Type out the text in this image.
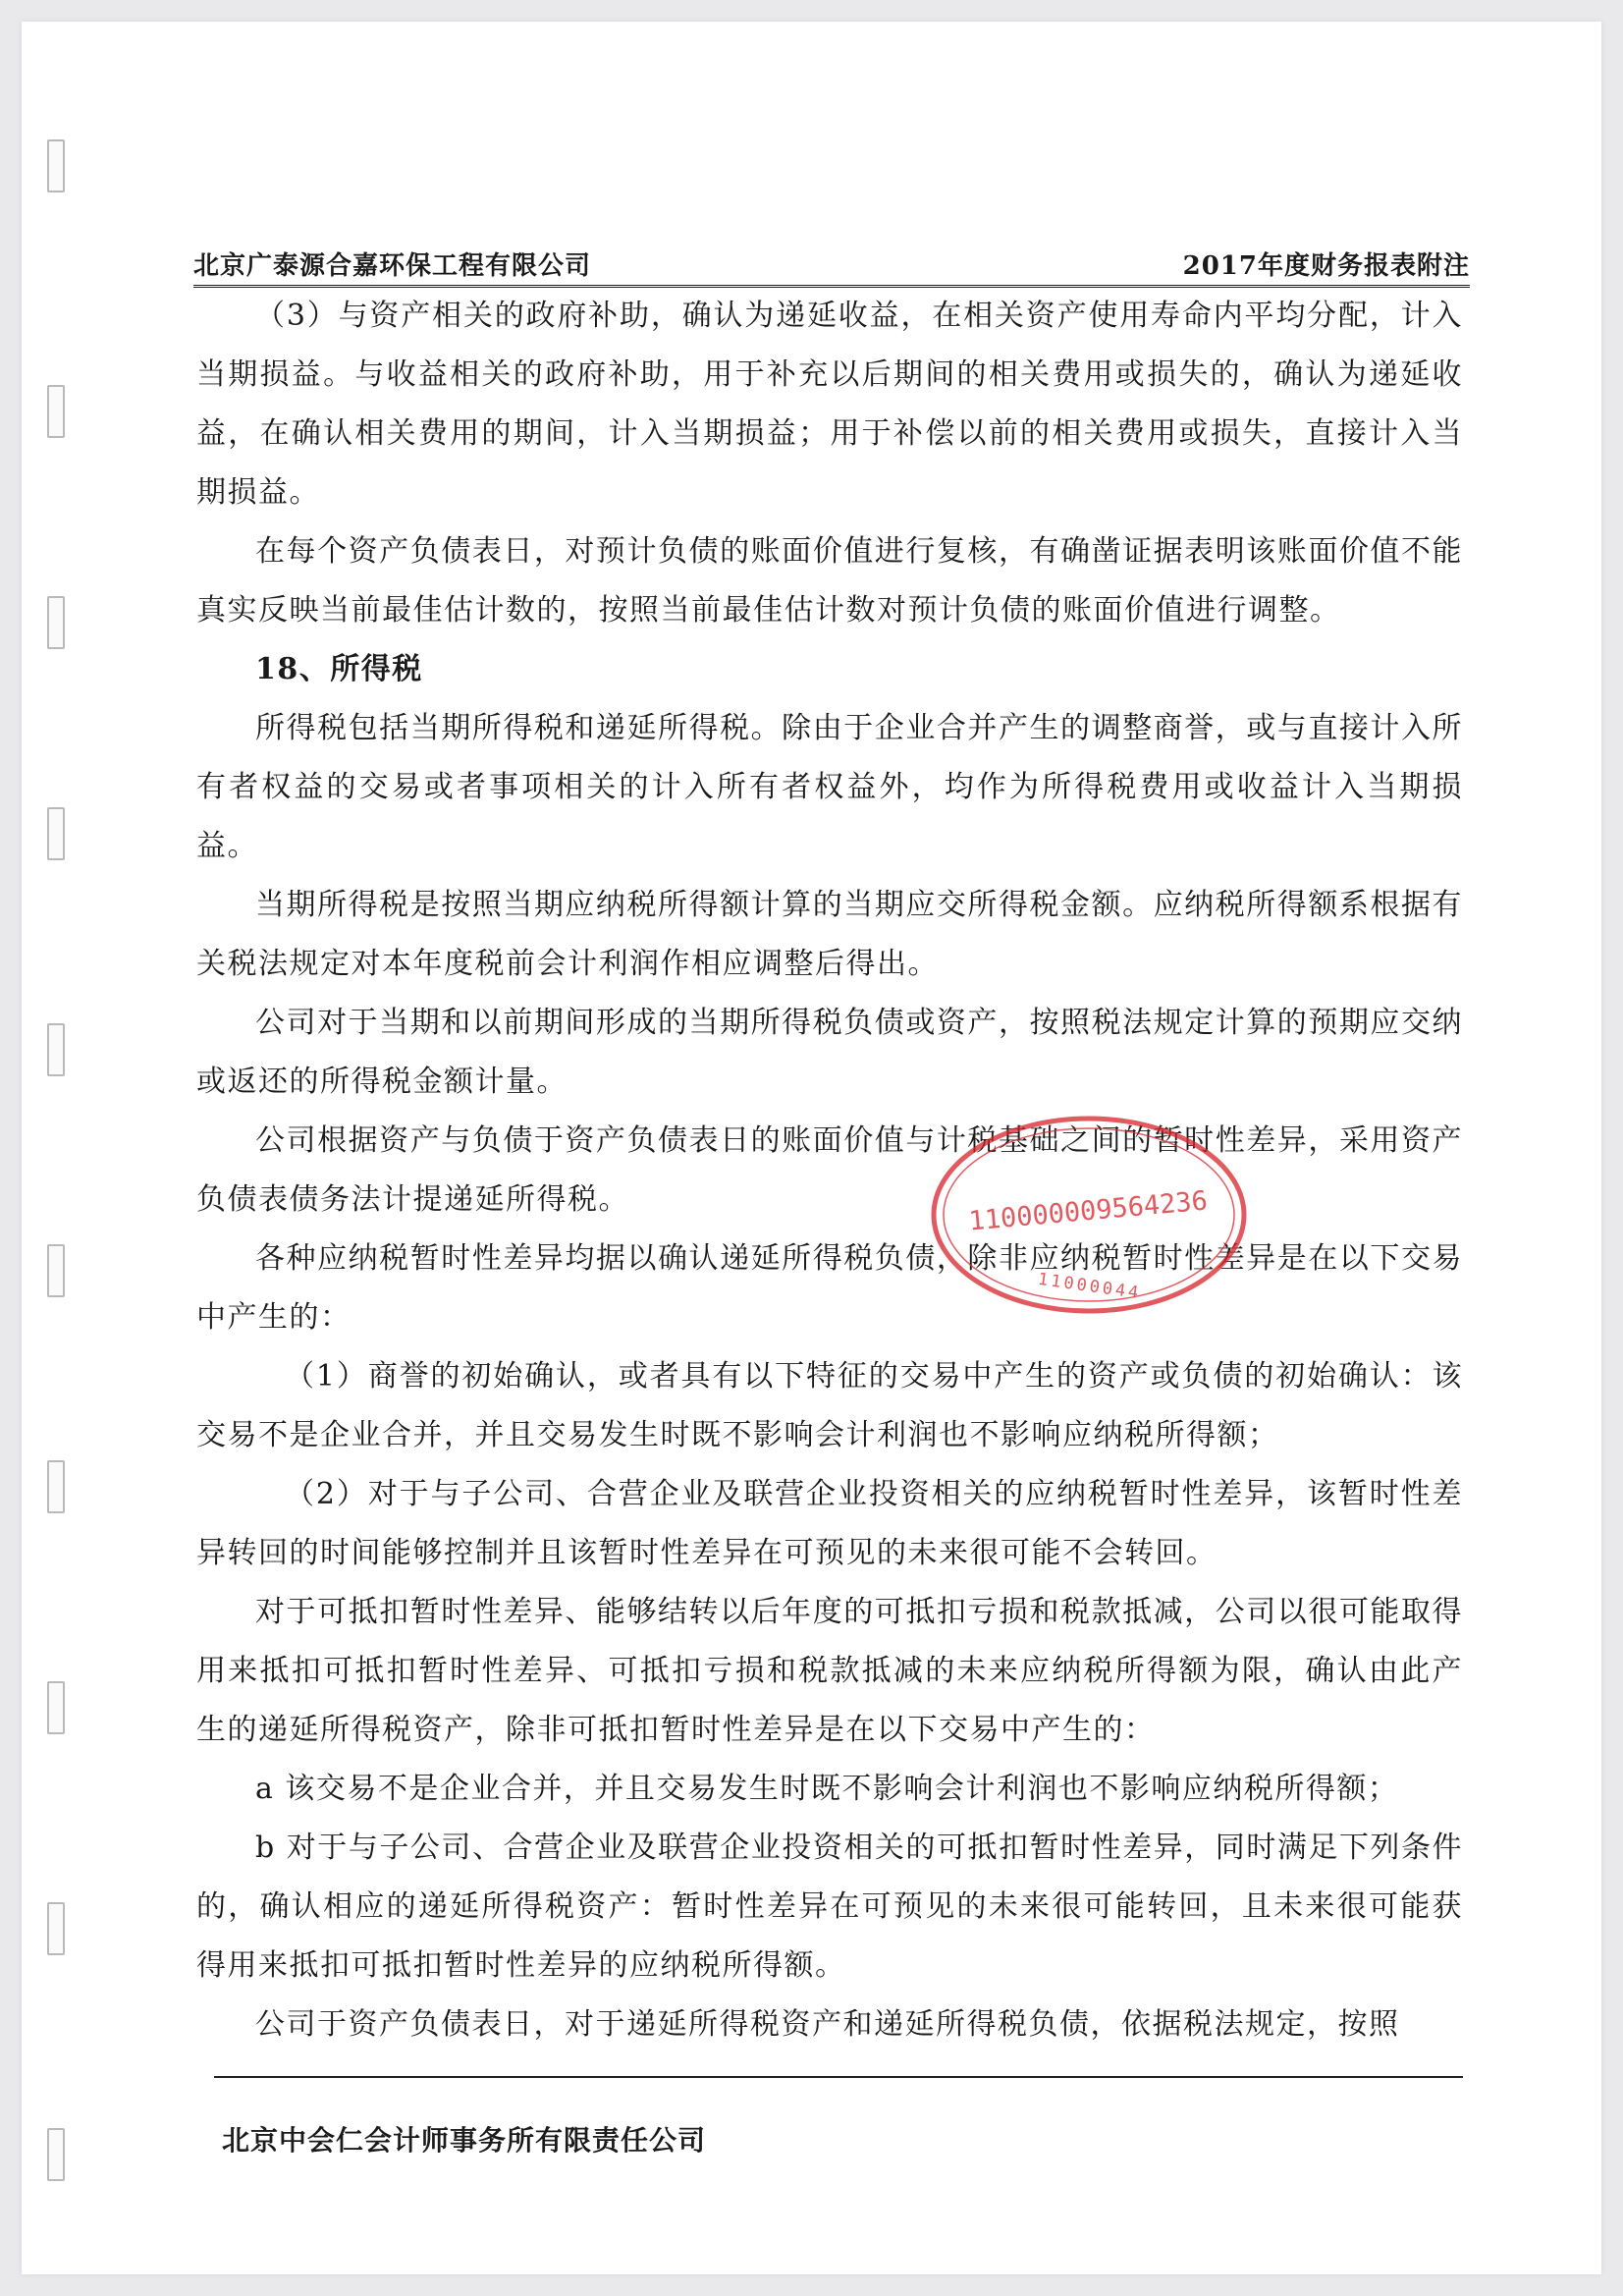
北京广泰源合嘉环保工程有限公司	2017年度财务报表附注

（3）与资产相关的政府补助，确认为递延收益，在相关资产使用寿命内平均分配，计入当期损益。与收益相关的政府补助，用于补充以后期间的相关费用或损失的，确认为递延收益，在确认相关费用的期间，计入当期损益；用于补偿以前的相关费用或损失，直接计入当期损益。

在每个资产负债表日，对预计负债的账面价值进行复核，有确凿证据表明该账面价值不能真实反映当前最佳估计数的，按照当前最佳估计数对预计负债的账面价值进行调整。

18、所得税

所得税包括当期所得税和递延所得税。除由于企业合并产生的调整商誉，或与直接计入所有者权益的交易或者事项相关的计入所有者权益外，均作为所得税费用或收益计入当期损益。

当期所得税是按照当期应纳税所得额计算的当期应交所得税金额。应纳税所得额系根据有关税法规定对本年度税前会计利润作相应调整后得出。

公司对于当期和以前期间形成的当期所得税负债或资产，按照税法规定计算的预期应交纳或返还的所得税金额计量。

公司根据资产与负债于资产负债表日的账面价值与计税基础之间的暂时性差异，采用资产负债表债务法计提递延所得税。

各种应纳税暂时性差异均据以确认递延所得税负债，除非应纳税暂时性差异是在以下交易中产生的：

（1）商誉的初始确认，或者具有以下特征的交易中产生的资产或负债的初始确认：该交易不是企业合并，并且交易发生时既不影响会计利润也不影响应纳税所得额；

（2）对于与子公司、合营企业及联营企业投资相关的应纳税暂时性差异，该暂时性差异转回的时间能够控制并且该暂时性差异在可预见的未来很可能不会转回。

对于可抵扣暂时性差异、能够结转以后年度的可抵扣亏损和税款抵减，公司以很可能取得用来抵扣可抵扣暂时性差异、可抵扣亏损和税款抵减的未来应纳税所得额为限，确认由此产生的递延所得税资产，除非可抵扣暂时性差异是在以下交易中产生的：

a 该交易不是企业合并，并且交易发生时既不影响会计利润也不影响应纳税所得额；

b 对于与子公司、合营企业及联营企业投资相关的可抵扣暂时性差异，同时满足下列条件的，确认相应的递延所得税资产：暂时性差异在可预见的未来很可能转回，且未来很可能获得用来抵扣可抵扣暂时性差异的应纳税所得额。

公司于资产负债表日，对于递延所得税资产和递延所得税负债，依据税法规定，按照

110000009564236
11000044
北京中会仁会计师事务所有限责任公司
